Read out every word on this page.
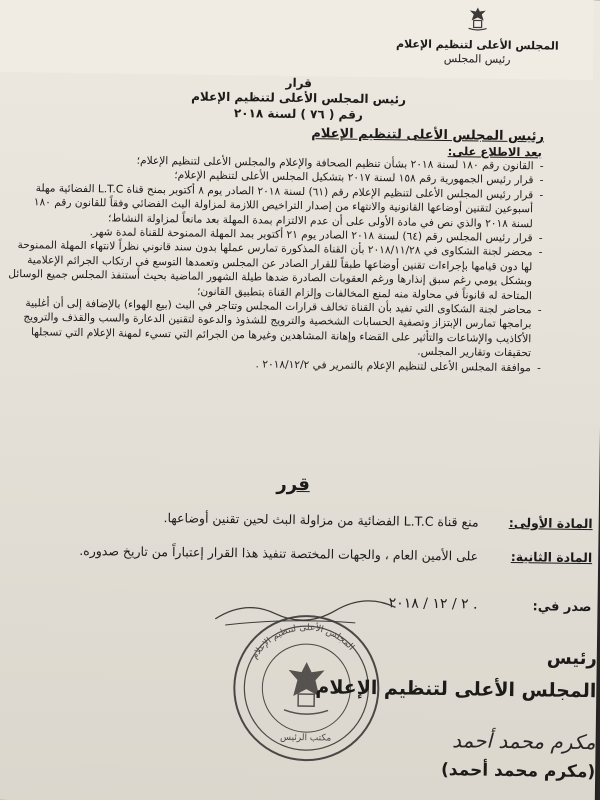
المجلس الأعلى لتنظيم الإعلام
رئيس المجلس
قرار
رئيس المجلس الأعلى لتنظيم الإعلام
رقم ( ٧٦ ) لسنة ٢٠١٨
رئيس المجلس الأعلى لتنظيم الإعلام
بعد الاطلاع على:

- القانون رقم ١٨٠ لسنة ٢٠١٨ بشأن تنظيم الصحافة والإعلام والمجلس الأعلى لتنظيم الإعلام؛

- قرار رئيس الجمهورية رقم ١٥٨ لسنة ٢٠١٧ بتشكيل المجلس الأعلى لتنظيم الإعلام؛

- قرار رئيس المجلس الأعلى لتنظيم الإعلام رقم (٦١) لسنة ٢٠١٨ الصادر يوم ٨ أكتوبر بمنح قناة L.T.C الفضائية مهلة أسبوعين لتقنين أوضاعها القانونية والانتهاء من إصدار التراخيص اللازمة لمزاولة البث الفضائي وفقاً للقانون رقم ١٨٠ لسنة ٢٠١٨ والذي نص في مادة الأولى على أن عدم الالتزام بمدة المهلة بعد مانعاً لمزاولة النشاط؛

- قرار رئيس المجلس رقم (٦٤) لسنة ٢٠١٨ الصادر يوم ٢١ أكتوبر بمد المهلة الممنوحة للقناة لمدة شهر.

- محضر لجنة الشكاوى في ٢٠١٨/١١/٢٨ بأن القناة المذكورة تمارس عملها بدون سند قانوني نظراً لانتهاء المهلة الممنوحة لها دون قيامها بإجراءات تقنين أوضاعها طبقاً للقرار الصادر عن المجلس وتعمدها التوسع في ارتكاب الجرائم الإعلامية وبشكل يومي رغم سبق إنذارها ورغم العقوبات الصادرة ضدها طيلة الشهور الماضية بحيث أستنفذ المجلس جميع الوسائل المتاحة له قانوناً في محاولة منه لمنع المخالفات وإلزام القناة بتطبيق القانون؛

- محاضر لجنة الشكاوى التي تفيد بأن القناة تخالف قرارات المجلس وتتاجر في البث (بيع الهواء) بالإضافة إلى أن أغلبية برامجها تمارس الإبتزاز وتصفية الحسابات الشخصية والترويج للشذوذ والدعوة لتقنين الدعارة والسب والقذف والترويج الأكاذيب والإشاعات والتأثير على القضاء وإهانة المشاهدين وغيرها من الجرائم التي تسيء لمهنة الإعلام التي تسجلها تحقيقات وتقارير المجلس.

- موافقة المجلس الأعلى لتنظيم الإعلام بالتمرير في ٢٠١٨/١٢/٢ .

قرر
المادة الأولى:
منع قناة L.T.C الفضائية من مزاولة البث لحين تقنين أوضاعها.
المادة الثانية:
على الأمين العام ، والجهات المختصة تنفيذ هذا القرار إعتباراً من تاريخ صدوره.
صدر في:
٢ / ١٢ / ٢٠١٨ .
المجلس الأعلى لتنظيم الإعلام
مكتب الرئيس
رئيس
المجلس الأعلى لتنظيم الإعلام
مكرم محمد أحمد
(مكرم محمد أحمد)
